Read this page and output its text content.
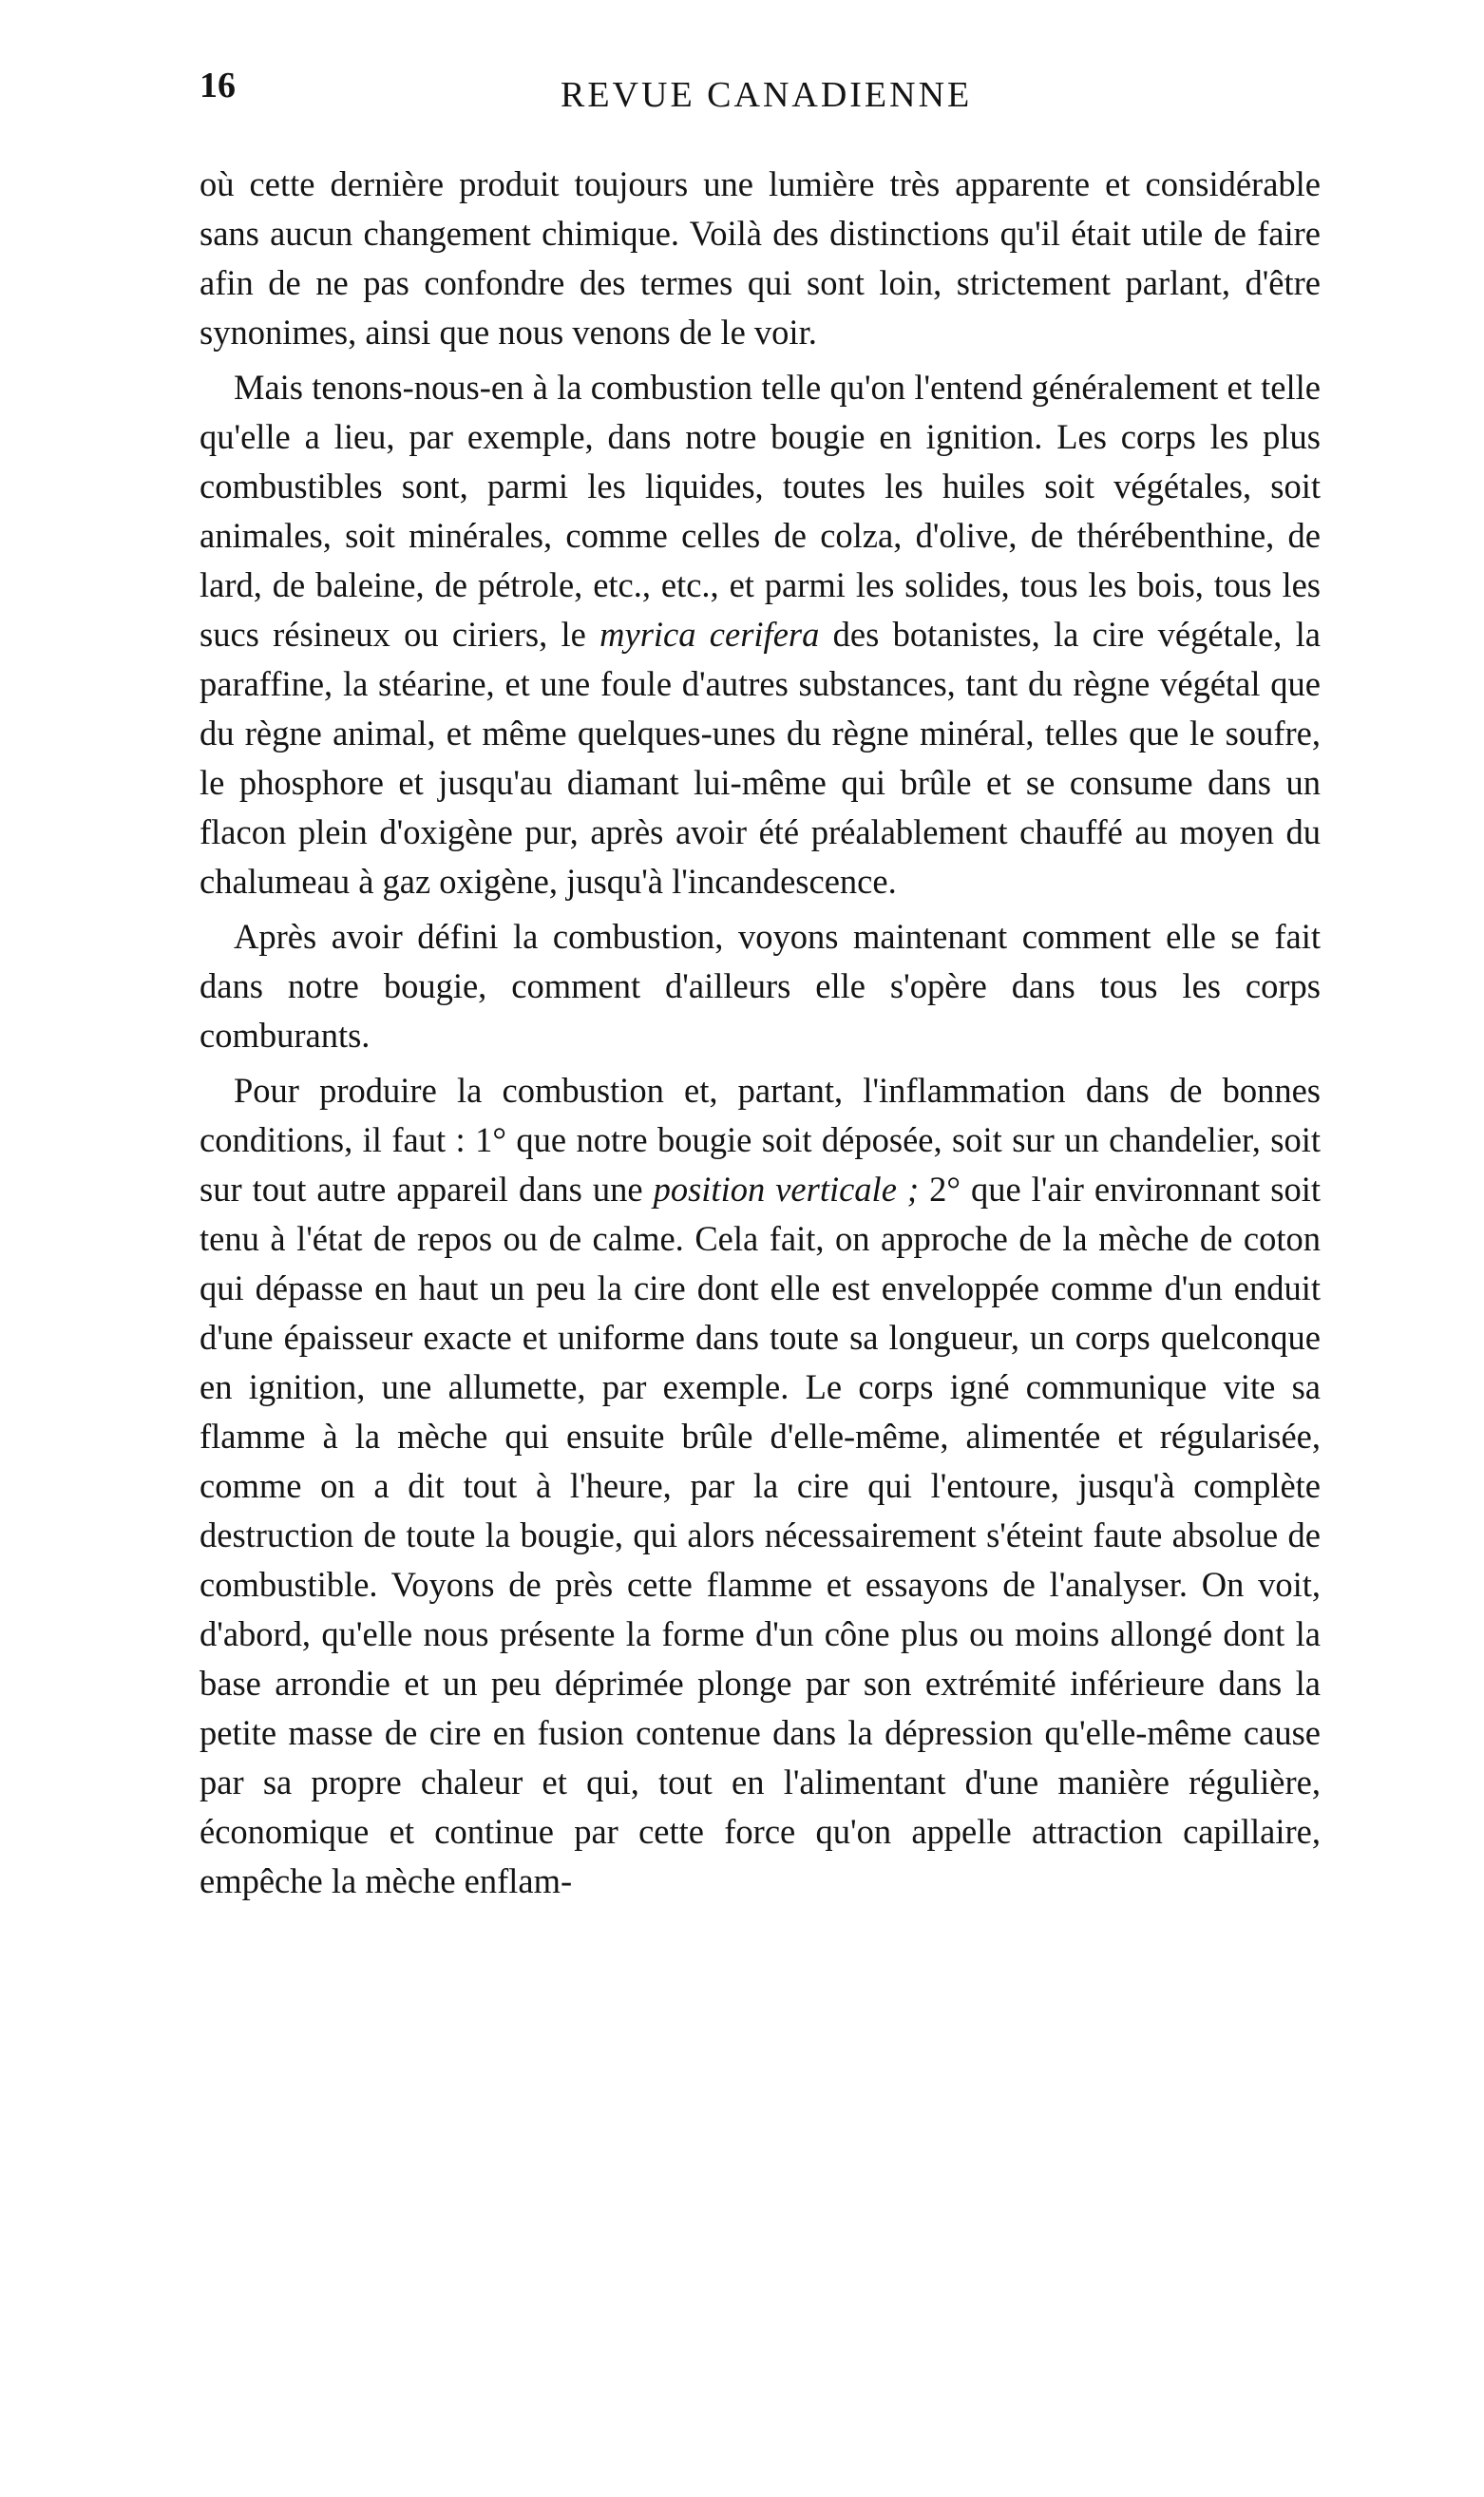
16	REVUE CANADIENNE

où cette dernière produit toujours une lumière très apparente et considérable sans aucun changement chimique. Voilà des distinctions qu'il était utile de faire afin de ne pas confondre des termes qui sont loin, strictement parlant, d'être synonimes, ainsi que nous venons de le voir.

Mais tenons-nous-en à la combustion telle qu'on l'entend généralement et telle qu'elle a lieu, par exemple, dans notre bougie en ignition. Les corps les plus combustibles sont, parmi les liquides, toutes les huiles soit végétales, soit animales, soit minérales, comme celles de colza, d'olive, de thérébenthine, de lard, de baleine, de pétrole, etc., etc., et parmi les solides, tous les bois, tous les sucs résineux ou ciriers, le myrica cerifera des botanistes, la cire végétale, la paraffine, la stéarine, et une foule d'autres substances, tant du règne végétal que du règne animal, et même quelques-unes du règne minéral, telles que le soufre, le phosphore et jusqu'au diamant lui-même qui brûle et se consume dans un flacon plein d'oxigène pur, après avoir été préalablement chauffé au moyen du chalumeau à gaz oxigène, jusqu'à l'incandescence.

Après avoir défini la combustion, voyons maintenant comment elle se fait dans notre bougie, comment d'ailleurs elle s'opère dans tous les corps comburants.

Pour produire la combustion et, partant, l'inflammation dans de bonnes conditions, il faut : 1° que notre bougie soit déposée, soit sur un chandelier, soit sur tout autre appareil dans une position verticale ; 2° que l'air environnant soit tenu à l'état de repos ou de calme. Cela fait, on approche de la mèche de coton qui dépasse en haut un peu la cire dont elle est enveloppée comme d'un enduit d'une épaisseur exacte et uniforme dans toute sa longueur, un corps quelconque en ignition, une allumette, par exemple. Le corps igné communique vite sa flamme à la mèche qui ensuite brûle d'elle-même, alimentée et régularisée, comme on a dit tout à l'heure, par la cire qui l'entoure, jusqu'à complète destruction de toute la bougie, qui alors nécessairement s'éteint faute absolue de combustible. Voyons de près cette flamme et essayons de l'analyser. On voit, d'abord, qu'elle nous présente la forme d'un cône plus ou moins allongé dont la base arrondie et un peu déprimée plonge par son extrémité inférieure dans la petite masse de cire en fusion contenue dans la dépression qu'elle-même cause par sa propre chaleur et qui, tout en l'alimentant d'une manière régulière, économique et continue par cette force qu'on appelle attraction capillaire, empêche la mèche enflam-
